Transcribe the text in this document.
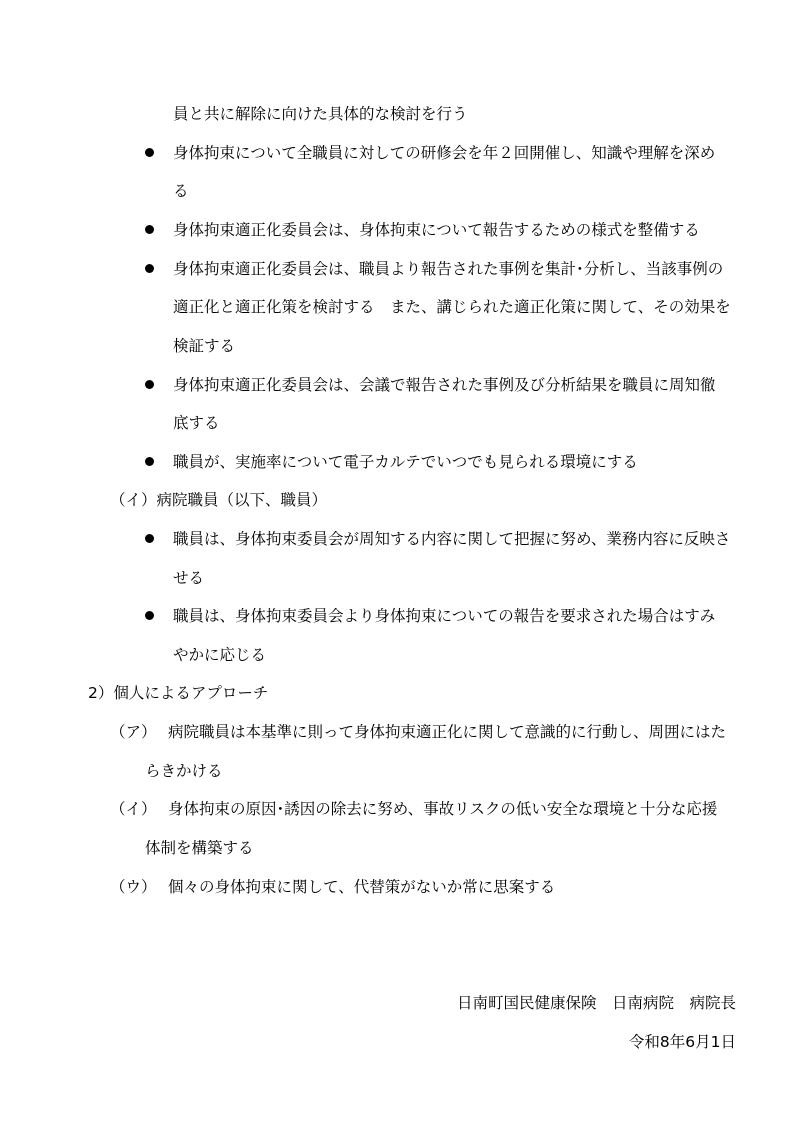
員と共に解除に向けた具体的な検討を行う
身体拘束について全職員に対しての研修会を年２回開催し、知識や理解を深め
る
身体拘束適正化委員会は、身体拘束について報告するための様式を整備する
身体拘束適正化委員会は、職員より報告された事例を集計･分析し、当該事例の
適正化と適正化策を検討する　また、講じられた適正化策に関して、その効果を
検証する
身体拘束適正化委員会は、会議で報告された事例及び分析結果を職員に周知徹
底する
職員が、実施率について電子カルテでいつでも見られる環境にする
（イ）病院職員（以下、職員）
職員は、身体拘束委員会が周知する内容に関して把握に努め、業務内容に反映さ
せる
職員は、身体拘束委員会より身体拘束についての報告を要求された場合はすみ
やかに応じる
2）個人によるアプローチ
（ア） 病院職員は本基準に則って身体拘束適正化に関して意識的に行動し、周囲にはた
らきかける
（イ） 身体拘束の原因･誘因の除去に努め、事故リスクの低い安全な環境と十分な応援
体制を構築する
（ウ） 個々の身体拘束に関して、代替策がないか常に思案する
日南町国民健康保険　日南病院　病院長
令和8年6月1日
